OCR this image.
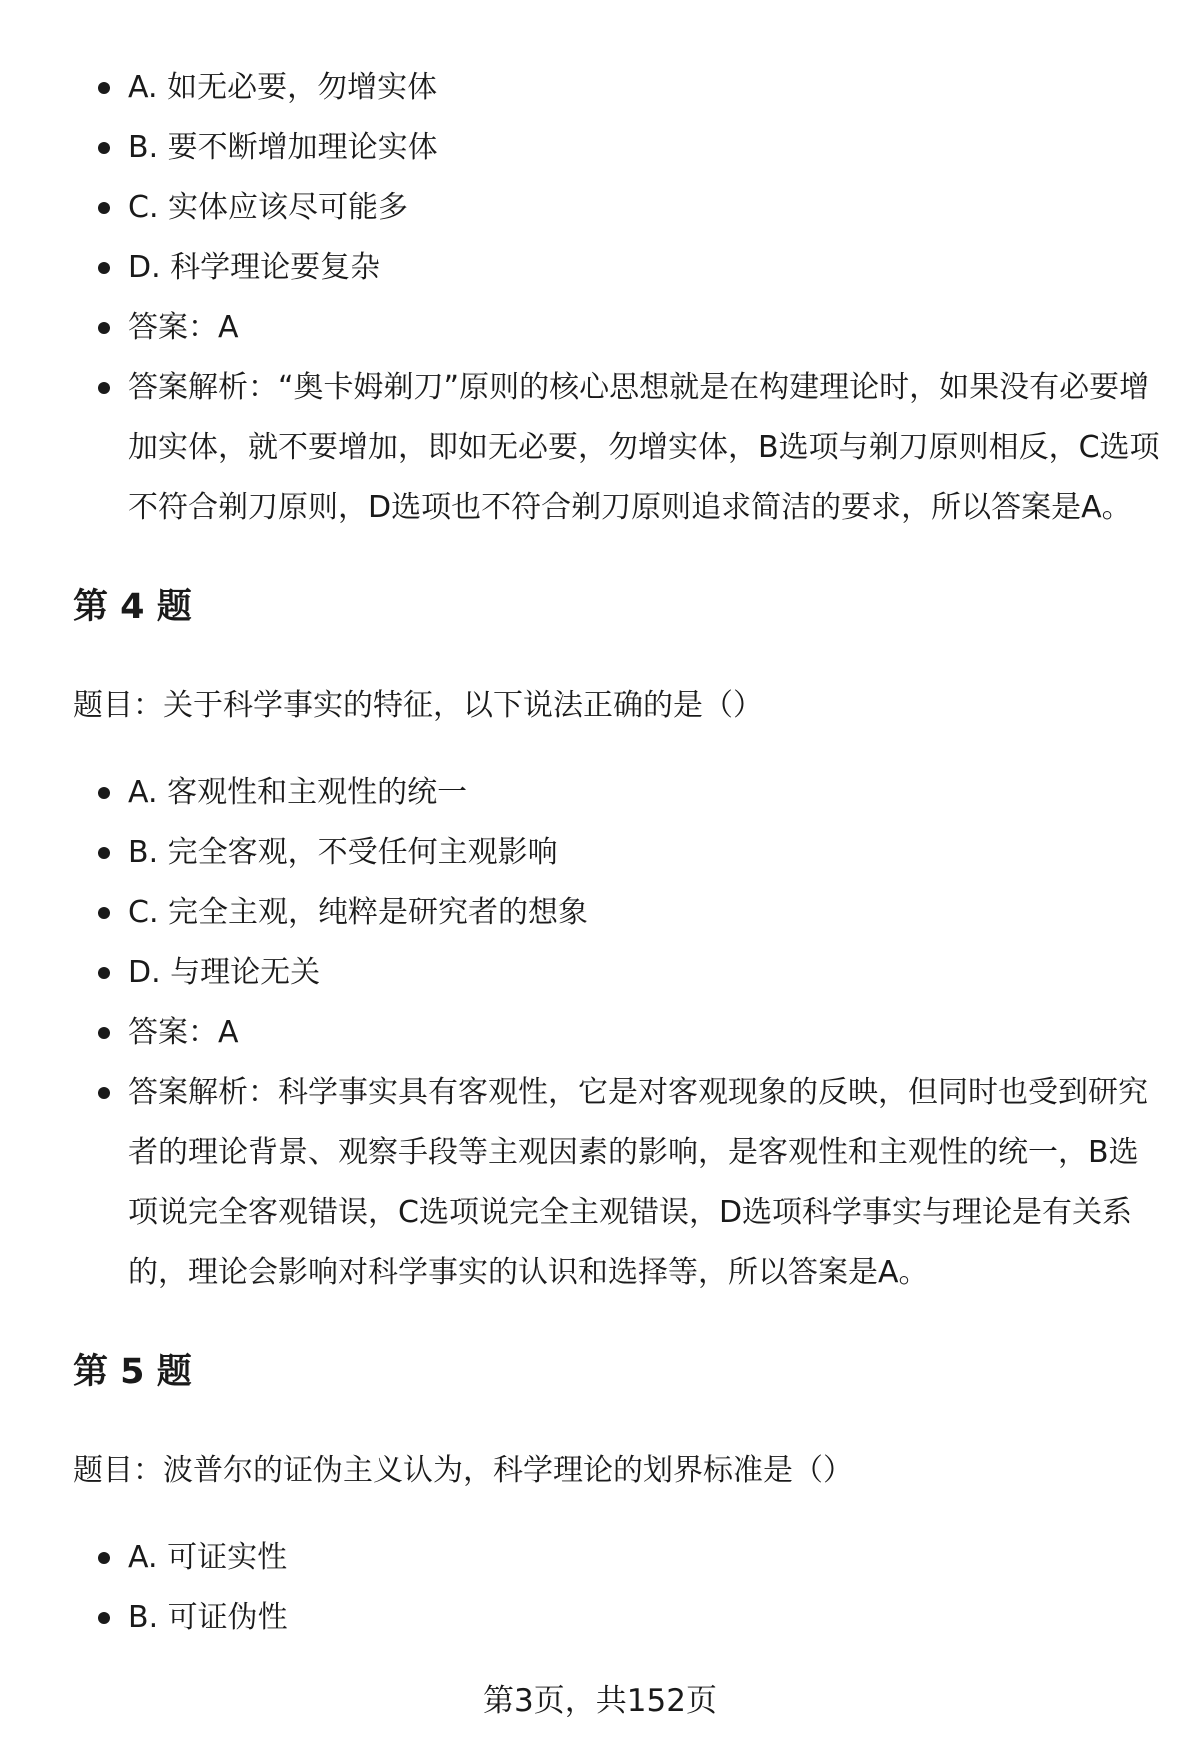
A. 如无必要，勿增实体
B. 要不断增加理论实体
C. 实体应该尽可能多
D. 科学理论要复杂
答案：A
答案解析：“奥卡姆剃刀”原则的核心思想就是在构建理论时，如果没有必要增加实体，就不要增加，即如无必要，勿增实体，B选项与剃刀原则相反，C选项不符合剃刀原则，D选项也不符合剃刀原则追求简洁的要求，所以答案是A。
第 4 题
题目：关于科学事实的特征，以下说法正确的是（）
A. 客观性和主观性的统一
B. 完全客观，不受任何主观影响
C. 完全主观，纯粹是研究者的想象
D. 与理论无关
答案：A
答案解析：科学事实具有客观性，它是对客观现象的反映，但同时也受到研究者的理论背景、观察手段等主观因素的影响，是客观性和主观性的统一，B选项说完全客观错误，C选项说完全主观错误，D选项科学事实与理论是有关系的，理论会影响对科学事实的认识和选择等，所以答案是A。
第 5 题
题目：波普尔的证伪主义认为，科学理论的划界标准是（）
A. 可证实性
B. 可证伪性
第3页，共152页
